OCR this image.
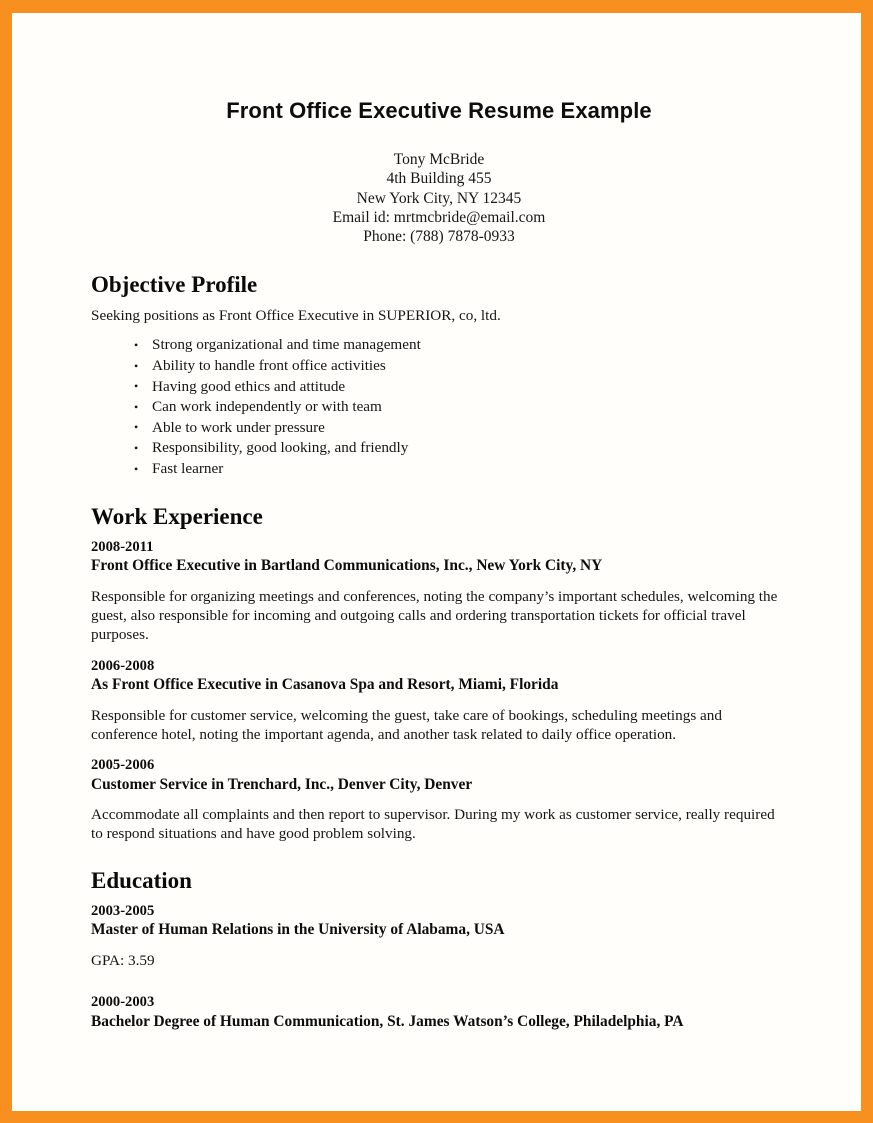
Front Office Executive Resume Example
Tony McBride
4th Building 455
New York City, NY 12345
Email id: mrtmcbride@email.com
Phone: (788) 7878-0933
Objective Profile

Seeking positions as Front Office Executive in SUPERIOR, co, ltd.

• Strong organizational and time management
• Ability to handle front office activities
• Having good ethics and attitude
• Can work independently or with team
• Able to work under pressure
• Responsibility, good looking, and friendly
• Fast learner
Work Experience

2008-2011

Front Office Executive in Bartland Communications, Inc., New York City, NY

Responsible for organizing meetings and conferences, noting the company’s important schedules, welcoming the guest, also responsible for incoming and outgoing calls and ordering transportation tickets for official travel purposes.

2006-2008

As Front Office Executive in Casanova Spa and Resort, Miami, Florida

Responsible for customer service, welcoming the guest, take care of bookings, scheduling meetings and conference hotel, noting the important agenda, and another task related to daily office operation.

2005-2006

Customer Service in Trenchard, Inc., Denver City, Denver

Accommodate all complaints and then report to supervisor. During my work as customer service, really required to respond situations and have good problem solving.

Education

2003-2005

Master of Human Relations in the University of Alabama, USA

GPA: 3.59

2000-2003

Bachelor Degree of Human Communication, St. James Watson’s College, Philadelphia, PA
